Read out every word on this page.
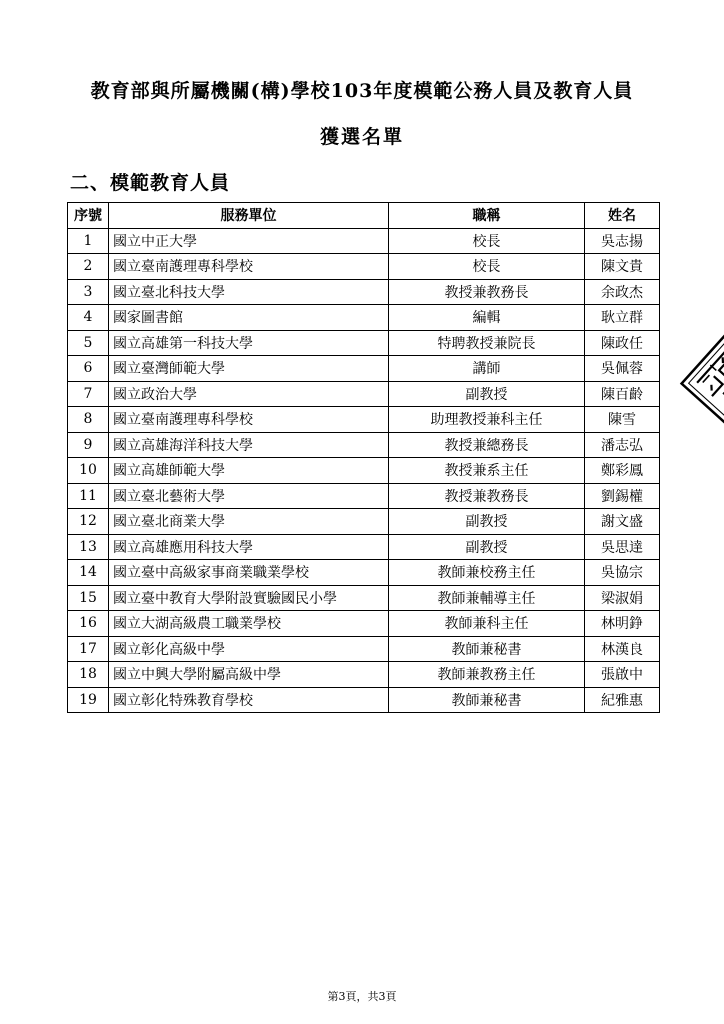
教育部與所屬機關(構)學校103年度模範公務人員及教育人員
獲選名單
二、模範教育人員
序號	服務單位	職稱	姓名
1	國立中正大學	校長	吳志揚
2	國立臺南護理專科學校	校長	陳文貴
3	國立臺北科技大學	教授兼教務長	余政杰
4	國家圖書館	編輯	耿立群
5	國立高雄第一科技大學	特聘教授兼院長	陳政任
6	國立臺灣師範大學	講師	吳佩蓉
7	國立政治大學	副教授	陳百齡
8	國立臺南護理專科學校	助理教授兼科主任	陳雪
9	國立高雄海洋科技大學	教授兼總務長	潘志弘
10	國立高雄師範大學	教授兼系主任	鄭彩鳳
11	國立臺北藝術大學	教授兼教務長	劉錫權
12	國立臺北商業大學	副教授	謝文盛
13	國立高雄應用科技大學	副教授	吳思達
14	國立臺中高級家事商業職業學校	教師兼校務主任	吳協宗
15	國立臺中教育大學附設實驗國民小學	教師兼輔導主任	梁淑娟
16	國立大湖高級農工職業學校	教師兼科主任	林明錚
17	國立彰化高級中學	教師兼秘書	林漢良
18	國立中興大學附屬高級中學	教師兼教務主任	張啟中
19	國立彰化特殊教育學校	教師兼秘書	紀雅惠
第3頁，共3頁
